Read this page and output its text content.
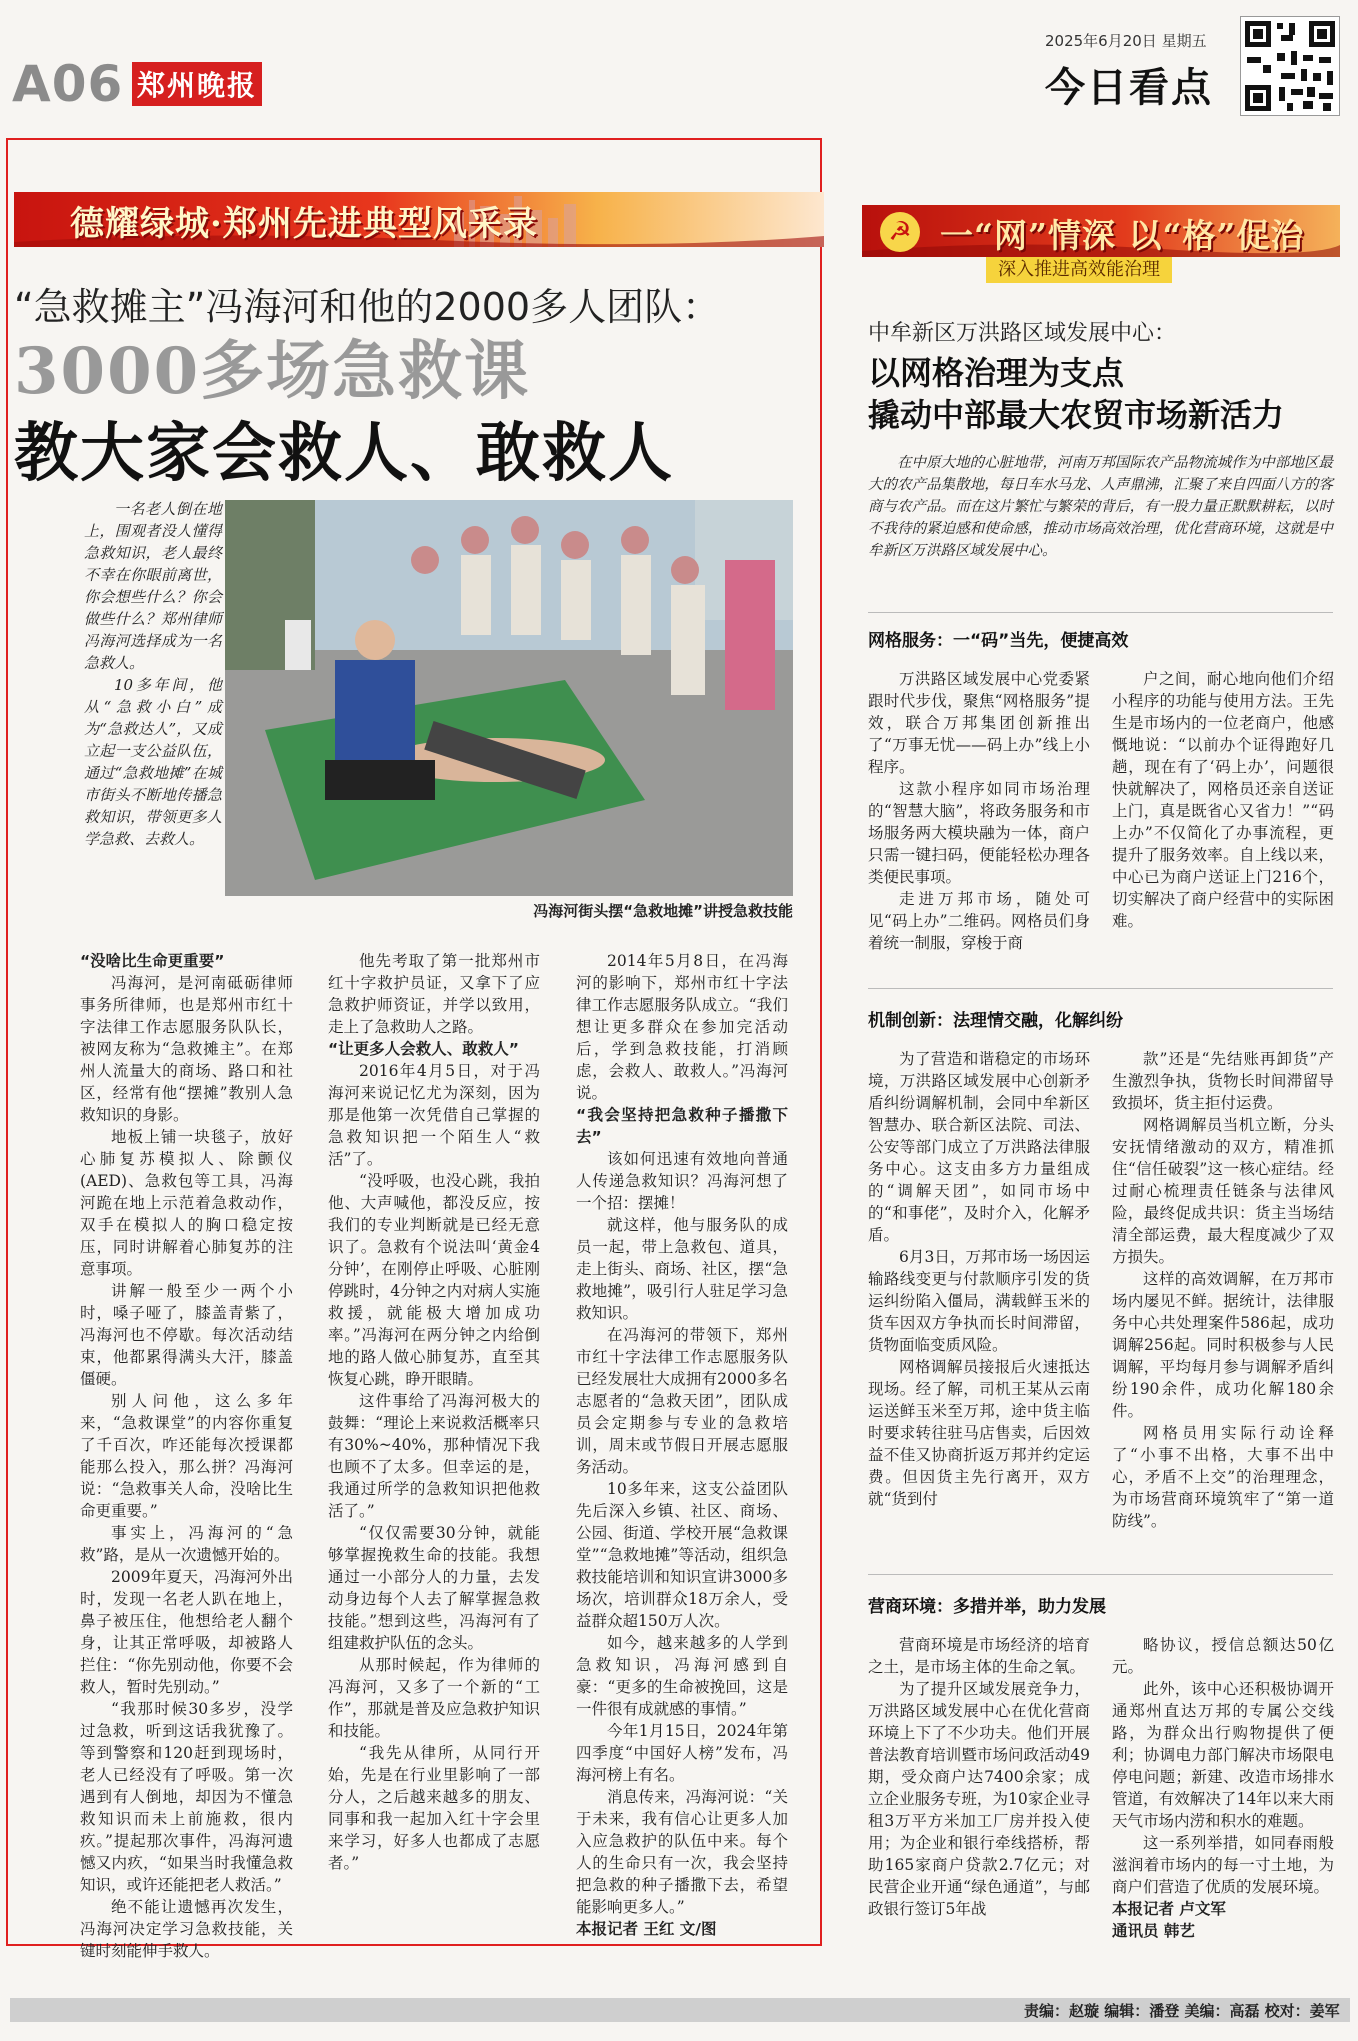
A06 郑州晚报
2025年6月20日 星期五
今日看点
德耀绿城·郑州先进典型风采录
“急救摊主”冯海河和他的2000多人团队：
3000多场急救课
教大家会救人、敢救人

一名老人倒在地上，围观者没人懂得急救知识，老人最终不幸在你眼前离世，你会想些什么？你会做些什么？郑州律师冯海河选择成为一名急救人。

10多年间，他从“急救小白”成为“急救达人”，又成立起一支公益队伍，通过“急救地摊”在城市街头不断地传播急救知识，带领更多人学急救、去救人。

冯海河街头摆“急救地摊”讲授急救技能

“没啥比生命更重要”

冯海河，是河南砥砺律师事务所律师，也是郑州市红十字法律工作志愿服务队队长，被网友称为“急救摊主”。在郑州人流量大的商场、路口和社区，经常有他“摆摊”教别人急救知识的身影。

地板上铺一块毯子，放好心肺复苏模拟人、除颤仪(AED)、急救包等工具，冯海河跪在地上示范着急救动作，双手在模拟人的胸口稳定按压，同时讲解着心肺复苏的注意事项。

讲解一般至少一两个小时，嗓子哑了，膝盖青紫了，冯海河也不停歇。每次活动结束，他都累得满头大汗，膝盖僵硬。

别人问他，这么多年来，“急救课堂”的内容你重复了千百次，咋还能每次授课都能那么投入，那么拼？冯海河说：“急救事关人命，没啥比生命更重要。”

事实上，冯海河的“急救”路，是从一次遗憾开始的。

2009年夏天，冯海河外出时，发现一名老人趴在地上，鼻子被压住，他想给老人翻个身，让其正常呼吸，却被路人拦住：“你先别动他，你要不会救人，暂时先别动。”

“我那时候30多岁，没学过急救，听到这话我犹豫了。等到警察和120赶到现场时，老人已经没有了呼吸。第一次遇到有人倒地，却因为不懂急救知识而未上前施救，很内疚。”提起那次事件，冯海河遗憾又内疚，“如果当时我懂急救知识，或许还能把老人救活。”

绝不能让遗憾再次发生，冯海河决定学习急救技能，关键时刻能伸手救人。

他先考取了第一批郑州市红十字救护员证，又拿下了应急救护师资证，并学以致用，走上了急救助人之路。

“让更多人会救人、敢救人”

2016年4月5日，对于冯海河来说记忆尤为深刻，因为那是他第一次凭借自己掌握的急救知识把一个陌生人“救活”了。

“没呼吸，也没心跳，我拍他、大声喊他，都没反应，按我们的专业判断就是已经无意识了。急救有个说法叫‘黄金4分钟’，在刚停止呼吸、心脏刚停跳时，4分钟之内对病人实施救援，就能极大增加成功率。”冯海河在两分钟之内给倒地的路人做心肺复苏，直至其恢复心跳，睁开眼睛。

这件事给了冯海河极大的鼓舞：“理论上来说救活概率只有30%~40%，那种情况下我也顾不了太多。但幸运的是，我通过所学的急救知识把他救活了。”

“仅仅需要30分钟，就能够掌握挽救生命的技能。我想通过一小部分人的力量，去发动身边每个人去了解掌握急救技能。”想到这些，冯海河有了组建救护队伍的念头。

从那时候起，作为律师的冯海河，又多了一个新的“工作”，那就是普及应急救护知识和技能。

“我先从律所，从同行开始，先是在行业里影响了一部分人，之后越来越多的朋友、同事和我一起加入红十字会里来学习，好多人也都成了志愿者。”

2014年5月8日，在冯海河的影响下，郑州市红十字法律工作志愿服务队成立。“我们想让更多群众在参加完活动后，学到急救技能，打消顾虑，会救人、敢救人。”冯海河说。

“我会坚持把急救种子播撒下去”

该如何迅速有效地向普通人传递急救知识？冯海河想了一个招：摆摊！

就这样，他与服务队的成员一起，带上急救包、道具，走上街头、商场、社区，摆“急救地摊”，吸引行人驻足学习急救知识。

在冯海河的带领下，郑州市红十字法律工作志愿服务队已经发展壮大成拥有2000多名志愿者的“急救天团”，团队成员会定期参与专业的急救培训，周末或节假日开展志愿服务活动。

10多年来，这支公益团队先后深入乡镇、社区、商场、公园、街道、学校开展“急救课堂”“急救地摊”等活动，组织急救技能培训和知识宣讲3000多场次，培训群众18万余人，受益群众超150万人次。

如今，越来越多的人学到急救知识，冯海河感到自豪：“更多的生命被挽回，这是一件很有成就感的事情。”

今年1月15日，2024年第四季度“中国好人榜”发布，冯海河榜上有名。

消息传来，冯海河说：“关于未来，我有信心让更多人加入应急救护的队伍中来。每个人的生命只有一次，我会坚持把急救的种子播撒下去，希望能影响更多人。”

本报记者 王红 文/图

☭ 一“网”情深 以“格”促治
深入推进高效能治理
中牟新区万洪路区域发展中心：
以网格治理为支点
撬动中部最大农贸市场新活力

在中原大地的心脏地带，河南万邦国际农产品物流城作为中部地区最大的农产品集散地，每日车水马龙、人声鼎沸，汇聚了来自四面八方的客商与农产品。而在这片繁忙与繁荣的背后，有一股力量正默默耕耘，以时不我待的紧迫感和使命感，推动市场高效治理，优化营商环境，这就是中牟新区万洪路区域发展中心。

网格服务：一“码”当先，便捷高效

万洪路区域发展中心党委紧跟时代步伐，聚焦“网格服务”提效，联合万邦集团创新推出了“万事无忧——码上办”线上小程序。

这款小程序如同市场治理的“智慧大脑”，将政务服务和市场服务两大模块融为一体，商户只需一键扫码，便能轻松办理各类便民事项。

走进万邦市场，随处可见“码上办”二维码。网格员们身着统一制服，穿梭于商

户之间，耐心地向他们介绍小程序的功能与使用方法。王先生是市场内的一位老商户，他感慨地说：“以前办个证得跑好几趟，现在有了‘码上办’，问题很快就解决了，网格员还亲自送证上门，真是既省心又省力！”“码上办”不仅简化了办事流程，更提升了服务效率。自上线以来，中心已为商户送证上门216个，切实解决了商户经营中的实际困难。

机制创新：法理情交融，化解纠纷

为了营造和谐稳定的市场环境，万洪路区域发展中心创新矛盾纠纷调解机制，会同中牟新区智慧办、联合新区法院、司法、公安等部门成立了万洪路法律服务中心。这支由多方力量组成的“调解天团”，如同市场中的“和事佬”，及时介入，化解矛盾。

6月3日，万邦市场一场因运输路线变更与付款顺序引发的货运纠纷陷入僵局，满载鲜玉米的货车因双方争执而长时间滞留，货物面临变质风险。

网格调解员接报后火速抵达现场。经了解，司机王某从云南运送鲜玉米至万邦，途中货主临时要求转往驻马店售卖，后因效益不佳又协商折返万邦并约定运费。但因货主先行离开，双方就“货到付

款”还是“先结账再卸货”产生激烈争执，货物长时间滞留导致损坏，货主拒付运费。

网格调解员当机立断，分头安抚情绪激动的双方，精准抓住“信任破裂”这一核心症结。经过耐心梳理责任链条与法律风险，最终促成共识：货主当场结清全部运费，最大程度减少了双方损失。

这样的高效调解，在万邦市场内屡见不鲜。据统计，法律服务中心共处理案件586起，成功调解256起。同时积极参与人民调解，平均每月参与调解矛盾纠纷190余件，成功化解180余件。

网格员用实际行动诠释了“小事不出格，大事不出中心，矛盾不上交”的治理理念，为市场营商环境筑牢了“第一道防线”。

营商环境：多措并举，助力发展

营商环境是市场经济的培育之土，是市场主体的生命之氧。

为了提升区域发展竞争力，万洪路区域发展中心在优化营商环境上下了不少功夫。他们开展普法教育培训暨市场问政活动49期，受众商户达7400余家；成立企业服务专班，为10家企业寻租3万平方米加工厂房并投入使用；为企业和银行牵线搭桥，帮助165家商户贷款2.7亿元；对民营企业开通“绿色通道”，与邮政银行签订5年战

略协议，授信总额达50亿元。

此外，该中心还积极协调开通郑州直达万邦的专属公交线路，为群众出行购物提供了便利；协调电力部门解决市场限电停电问题；新建、改造市场排水管道，有效解决了14年以来大雨天气市场内涝和积水的难题。

这一系列举措，如同春雨般滋润着市场内的每一寸土地，为商户们营造了优质的发展环境。

本报记者 卢文军

通讯员 韩艺

责编：赵璇 编辑：潘登 美编：高磊 校对：姜军
